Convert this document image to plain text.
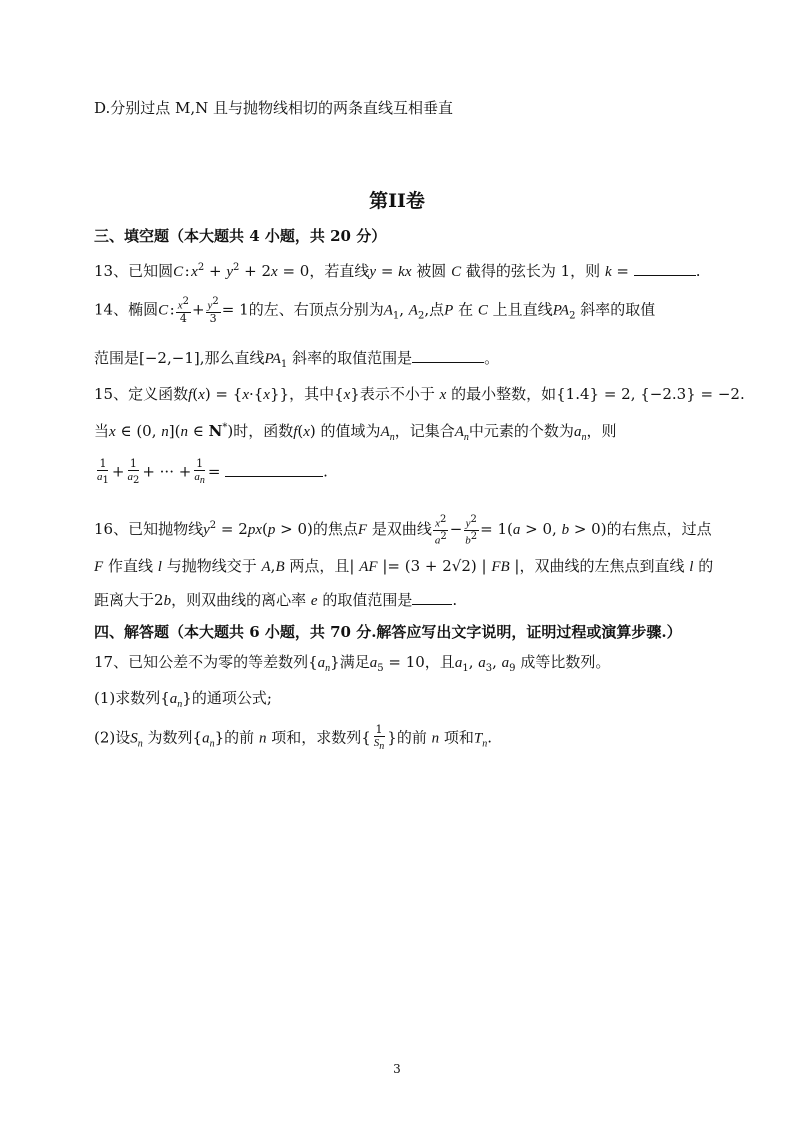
D.分别过点 M,N 且与抛物线相切的两条直线互相垂直
第II卷
三、填空题（本大题共 4 小题，共 20 分）
13、已知圆C : $x^2 + y^2 + 2x = 0$，若直线y = kx 被圆 C 截得的弦长为 1，则 k =	.
14、椭圆C : $\frac{x^2}{4} + \frac{y^2}{3} = 1$的左、右顶点分别为$A_1$, $A_2$,点P 在 C 上且直线$PA_2$ 斜率的取值
范围是[−2,−1],那么直线$PA_1$ 斜率的取值范围是	。
15、定义函数f(x) = {x·{x}}，其中{x}表示不小于 x 的最小整数，如{1.4} = 2, {−2.3} = −2.
当x ∈ (0, n](n ∈ N*)时，函数f(x) 的值域为$A_n$，记集合$A_n$中元素的个数为$a_n$，则
$\frac{1}{a_1} + \frac{1}{a_2}$ + ··· + $\frac{1}{a_n}$ =	.
16、已知抛物线$y^2 = 2px(p > 0)$的焦点F 是双曲线 $\frac{x^2}{a^2} - \frac{y^2}{b^2} = 1(a > 0$, b > 0)的右焦点，过点
F 作直线 l 与抛物线交于 A,B 两点，且| AF |= (3 + 2√2) | FB |，双曲线的左焦点到直线 l 的
距离大于2b，则双曲线的离心率 e 的取值范围是	.
四、解答题（本大题共 6 小题，共 70 分.解答应写出文字说明，证明过程或演算步骤.）
17、已知公差不为零的等差数列$\{a_n\}$满足$a_5 = 10$，且$a_1$, $a_3$, $a_9$ 成等比数列。
(1)求数列$\{a_n\}$的通项公式;
(2)设$S_n$ 为数列$\{a_n\}$的前 n 项和，求数列{ $\frac{1}{S_n}$ }的前 n 项和$T_n$.
3
